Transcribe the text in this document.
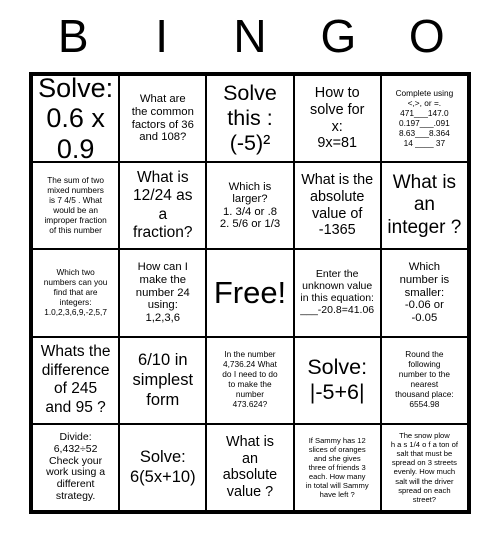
B	I	N	G	O
Solve:
0.6 x
0.9
What are
the common
factors of 36
and 108?
Solve
this :
(-5)²
How to
solve for
x:
9x=81
Complete using
<,>, or =.
471___147.0
0.197___.091
8.63___8.364
14 ____ 37
The sum of two
mixed numbers
is 7 4/5 . What
would be an
improper fraction
of this number
What is
12/24 as
a
fraction?
Which is
larger?
1. 3/4 or .8
2. 5/6 or 1/3
What is the
absolute
value of
-1365
What is
an
integer ?
Which two
numbers can you
find that are
integers:
1.0,2,3,6,9,-2,5,7
How can I
make the
number 24
using:
1,2,3,6
Free!
Enter the
unknown value
in this equation:
___-20.8=41.06
Which
number is
smaller:
-0.06 or
-0.05
Whats the
difference
of 245
and 95 ?
6/10 in
simplest
form
In the number
4,736.24 What
do I need to do
to make the
number
473.624?
Solve:
|-5+6|
Round the
following
number to the
nearest
thousand place:
6554.98
Divide:
6,432÷52
Check your
work using a
different
strategy.
Solve:
6(5x+10)
What is
an
absolute
value ?
If Sammy has 12
slices of oranges
and she gives
three of friends 3
each. How many
in total will Sammy
have left ?
The snow plow
h a s 1/4 o f a ton of
salt that must be
spread on 3 streets
evenly. How much
salt will the driver
spread on each
street?
